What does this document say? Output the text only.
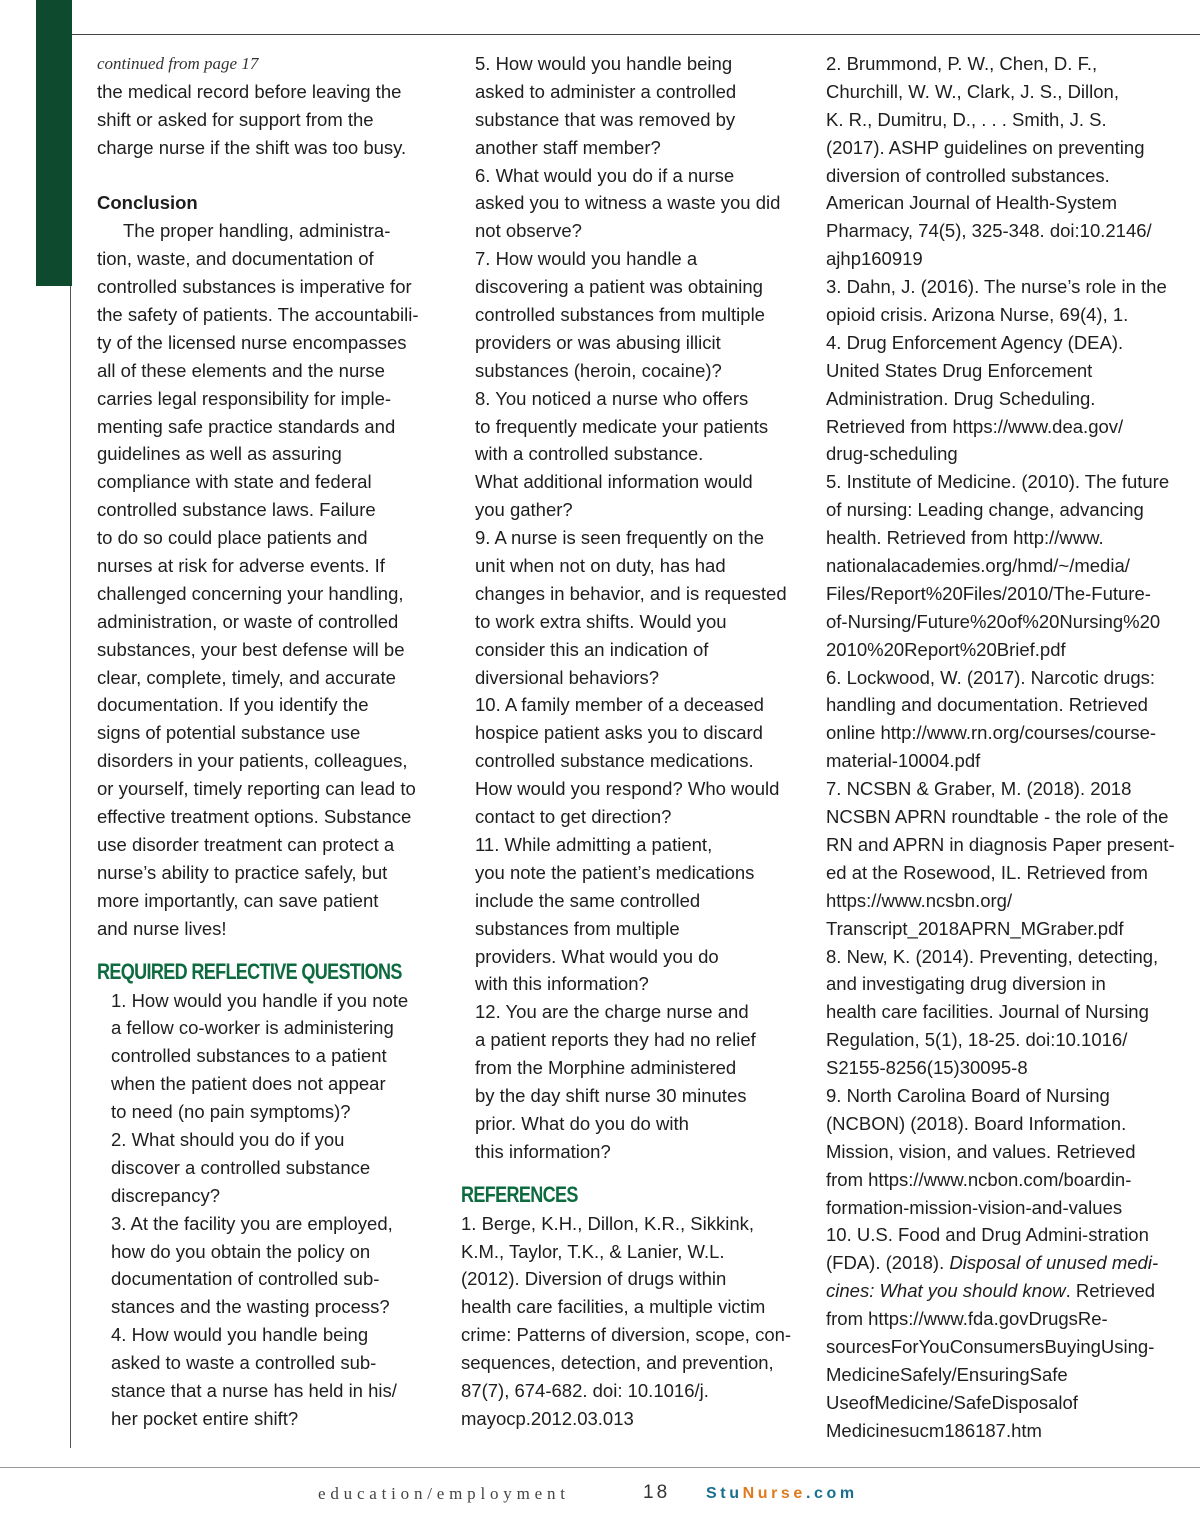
continued from page 17
the medical record before leaving the
shift or asked for support from the
charge nurse if the shift was too busy.
Conclusion
The proper handling, administra-
tion, waste, and documentation of
controlled substances is imperative for
the safety of patients. The accountabili-
ty of the licensed nurse encompasses
all of these elements and the nurse
carries legal responsibility for imple-
menting safe practice standards and
guidelines as well as assuring
compliance with state and federal
controlled substance laws. Failure
to do so could place patients and
nurses at risk for adverse events. If
challenged concerning your handling,
administration, or waste of controlled
substances, your best defense will be
clear, complete, timely, and accurate
documentation. If you identify the
signs of potential substance use
disorders in your patients, colleagues,
or yourself, timely reporting can lead to
effective treatment options. Substance
use disorder treatment can protect a
nurse’s ability to practice safely, but
more importantly, can save patient
and nurse lives!
REQUIRED REFLECTIVE QUESTIONS
1. How would you handle if you note
a fellow co-worker is administering
controlled substances to a patient
when the patient does not appear
to need (no pain symptoms)?
2. What should you do if you
discover a controlled substance
discrepancy?
3. At the facility you are employed,
how do you obtain the policy on
documentation of controlled sub-
stances and the wasting process?
4. How would you handle being
asked to waste a controlled sub-
stance that a nurse has held in his/
her pocket entire shift?
5. How would you handle being
asked to administer a controlled
substance that was removed by
another staff member?
6. What would you do if a nurse
asked you to witness a waste you did
not observe?
7. How would you handle a
discovering a patient was obtaining
controlled substances from multiple
providers or was abusing illicit
substances (heroin, cocaine)?
8. You noticed a nurse who offers
to frequently medicate your patients
with a controlled substance.
What additional information would
you gather?
9. A nurse is seen frequently on the
unit when not on duty, has had
changes in behavior, and is requested
to work extra shifts. Would you
consider this an indication of
diversional behaviors?
10. A family member of a deceased
hospice patient asks you to discard
controlled substance medications.
How would you respond? Who would
contact to get direction?
11. While admitting a patient,
you note the patient’s medications
include the same controlled
substances from multiple
providers. What would you do
with this information?
12. You are the charge nurse and
a patient reports they had no relief
from the Morphine administered
by the day shift nurse 30 minutes
prior. What do you do with
this information?
REFERENCES
1. Berge, K.H., Dillon, K.R., Sikkink,
K.M., Taylor, T.K., & Lanier, W.L.
(2012). Diversion of drugs within
health care facilities, a multiple victim
crime: Patterns of diversion, scope, con-
sequences, detection, and prevention,
87(7), 674-682. doi: 10.1016/j.
mayocp.2012.03.013
2. Brummond, P. W., Chen, D. F.,
Churchill, W. W., Clark, J. S., Dillon,
K. R., Dumitru, D., . . . Smith, J. S.
(2017). ASHP guidelines on preventing
diversion of controlled substances.
American Journal of Health-System
Pharmacy, 74(5), 325-348. doi:10.2146/
ajhp160919
3. Dahn, J. (2016). The nurse’s role in the
opioid crisis. Arizona Nurse, 69(4), 1.
4. Drug Enforcement Agency (DEA).
United States Drug Enforcement
Administration. Drug Scheduling.
Retrieved from https://www.dea.gov/
drug-scheduling
5. Institute of Medicine. (2010). The future
of nursing: Leading change, advancing
health. Retrieved from http://www.
nationalacademies.org/hmd/~/media/
Files/Report%20Files/2010/The-Future-
of-Nursing/Future%20of%20Nursing%20
2010%20Report%20Brief.pdf
6. Lockwood, W. (2017). Narcotic drugs:
handling and documentation. Retrieved
online http://www.rn.org/courses/course-
material-10004.pdf
7. NCSBN & Graber, M. (2018). 2018
NCSBN APRN roundtable - the role of the
RN and APRN in diagnosis Paper present-
ed at the Rosewood, IL. Retrieved from
https://www.ncsbn.org/
Transcript_2018APRN_MGraber.pdf
8. New, K. (2014). Preventing, detecting,
and investigating drug diversion in
health care facilities. Journal of Nursing
Regulation, 5(1), 18-25. doi:10.1016/
S2155-8256(15)30095-8
9. North Carolina Board of Nursing
(NCBON) (2018). Board Information.
Mission, vision, and values. Retrieved
from https://www.ncbon.com/boardin-
formation-mission-vision-and-values
10. U.S. Food and Drug Admini-stration
(FDA). (2018). Disposal of unused medi-
cines: What you should know. Retrieved
from https://www.fda.govDrugsRe-
sourcesForYouConsumersBuyingUsing-
MedicineSafely/EnsuringSafe
UseofMedicine/SafeDisposalof
Medicinesucm186187.htm
education/employment	18 StuNurse.com
